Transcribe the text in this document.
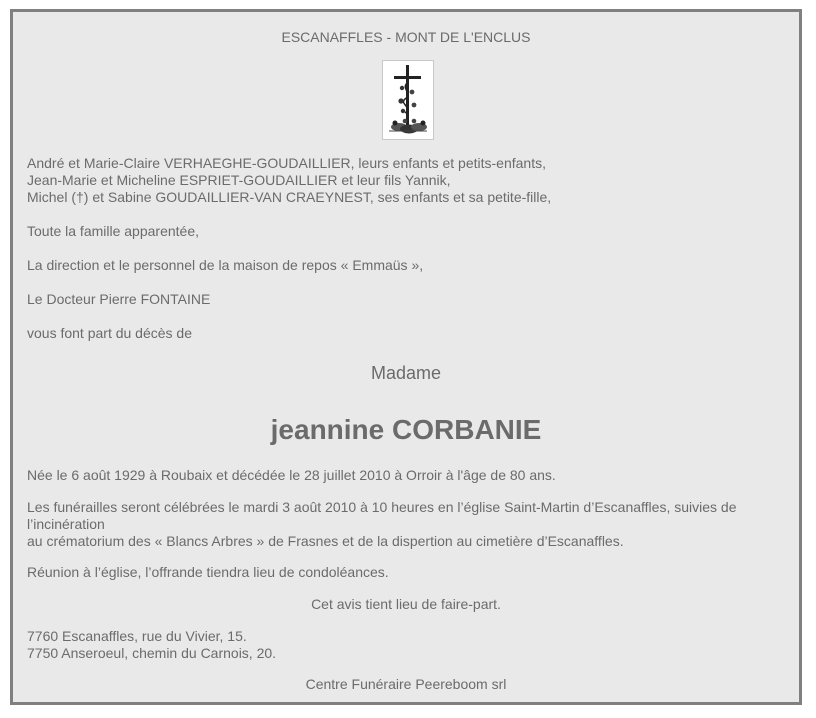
ESCANAFFLES - MONT DE L'ENCLUS
André et Marie-Claire VERHAEGHE-GOUDAILLIER, leurs enfants et petits-enfants,
Jean-Marie et Micheline ESPRIET-GOUDAILLIER et leur fils Yannik,
Michel (†) et Sabine GOUDAILLIER-VAN CRAEYNEST, ses enfants et sa petite-fille,
Toute la famille apparentée,
La direction et le personnel de la maison de repos « Emmaüs »,
Le Docteur Pierre FONTAINE
vous font part du décès de
Madame
jeannine CORBANIE
Née le 6 août 1929 à Roubaix et décédée le 28 juillet 2010 à Orroir à l'âge de 80 ans.
Les funérailles seront célébrées le mardi 3 août 2010 à 10 heures en l’église Saint-Martin d’Escanaffles, suivies de l’incinération
au crématorium des « Blancs Arbres » de Frasnes et de la dispertion au cimetière d’Escanaffles.
Réunion à l’église, l’offrande tiendra lieu de condoléances.
Cet avis tient lieu de faire-part.
7760 Escanaffles, rue du Vivier, 15.
7750 Anseroeul, chemin du Carnois, 20.
Centre Funéraire Peereboom srl
